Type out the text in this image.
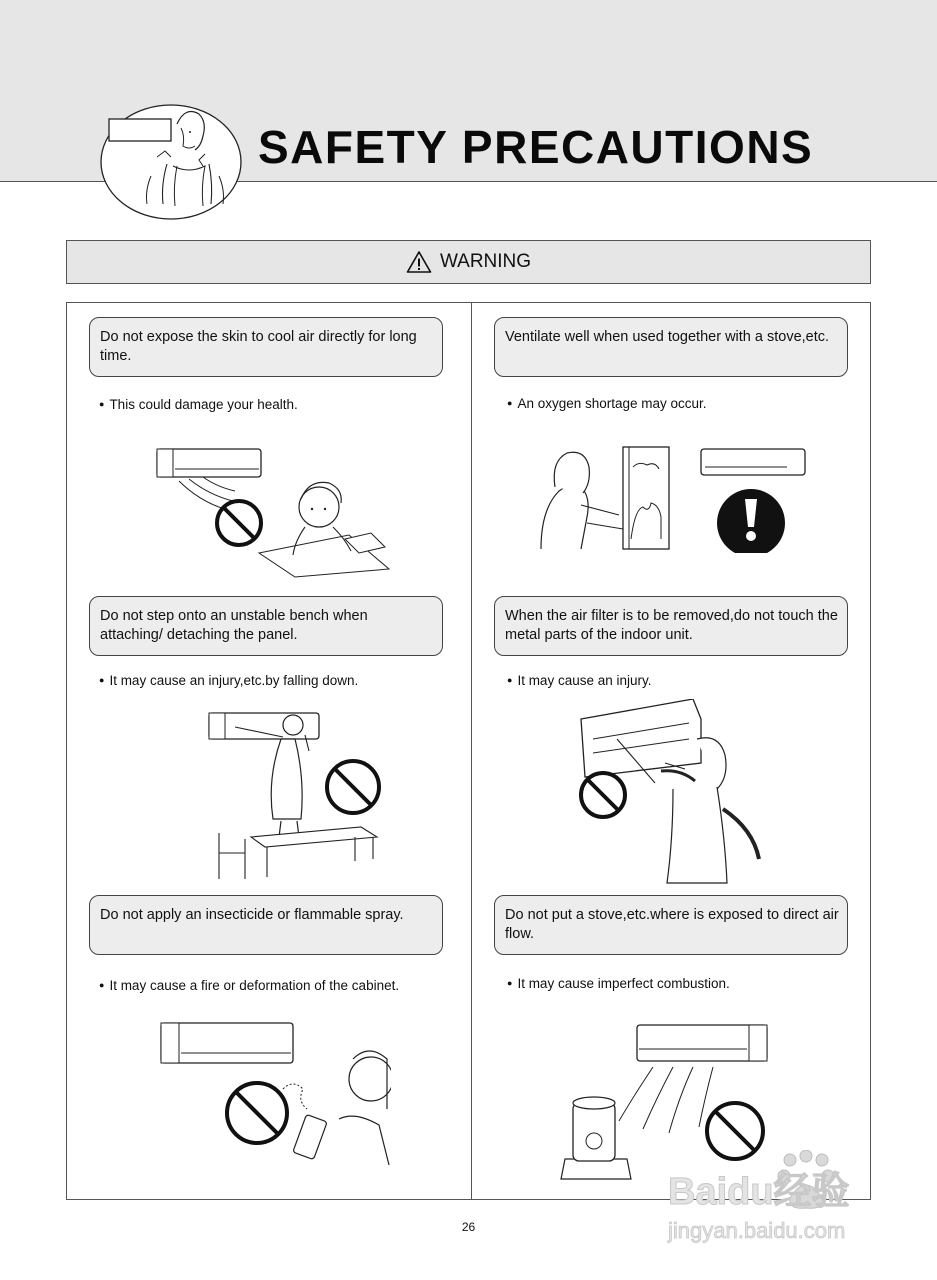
SAFETY PRECAUTIONS
WARNING
Do not expose the skin to cool air directly for long time.
● This could damage your health.
Ventilate well when used together with a stove,etc.
● An oxygen shortage may occur.
Do not step onto an unstable bench when attaching/ detaching the panel.
● It may cause an injury,etc.by falling down.
When the air filter is to be removed,do not touch the metal parts of the indoor unit.
● It may cause an injury.
Do not apply an insecticide or flammable spray.
● It may cause a fire or deformation of the cabinet.
Do not put a stove,etc.where is exposed to direct air flow.
● It may cause imperfect combustion.
26
Baidu经验
jingyan.baidu.com
